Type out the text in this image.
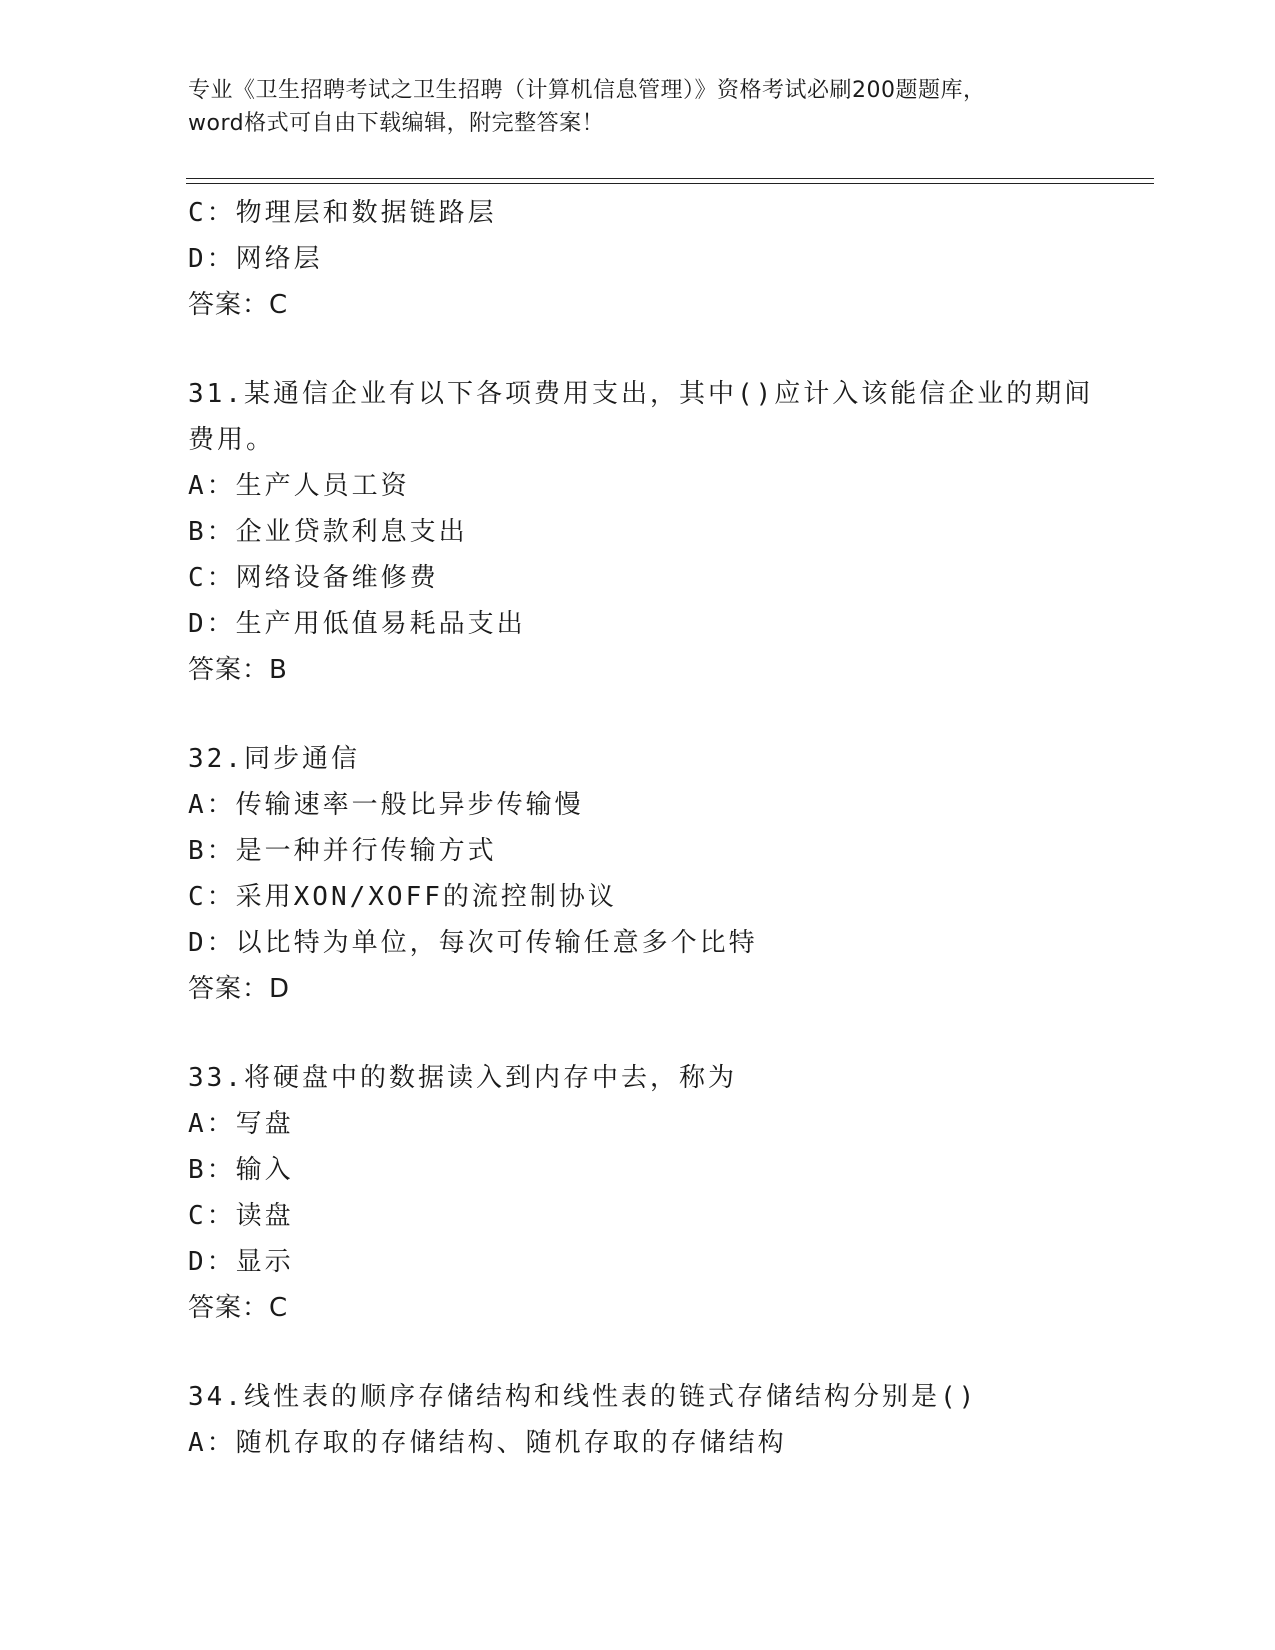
专业《卫生招聘考试之卫生招聘（计算机信息管理）》资格考试必刷200题题库，
word格式可自由下载编辑，附完整答案！
C：物理层和数据链路层
D：网络层
答案：C
31.某通信企业有以下各项费用支出，其中()应计入该能信企业的期间
费用。
A：生产人员工资
B：企业贷款利息支出
C：网络设备维修费
D：生产用低值易耗品支出
答案：B
32.同步通信
A：传输速率一般比异步传输慢
B：是一种并行传输方式
C：采用XON/XOFF的流控制协议
D：以比特为单位，每次可传输任意多个比特
答案：D
33.将硬盘中的数据读入到内存中去，称为
A：写盘
B：输入
C：读盘
D：显示
答案：C
34.线性表的顺序存储结构和线性表的链式存储结构分别是()
A：随机存取的存储结构、随机存取的存储结构
